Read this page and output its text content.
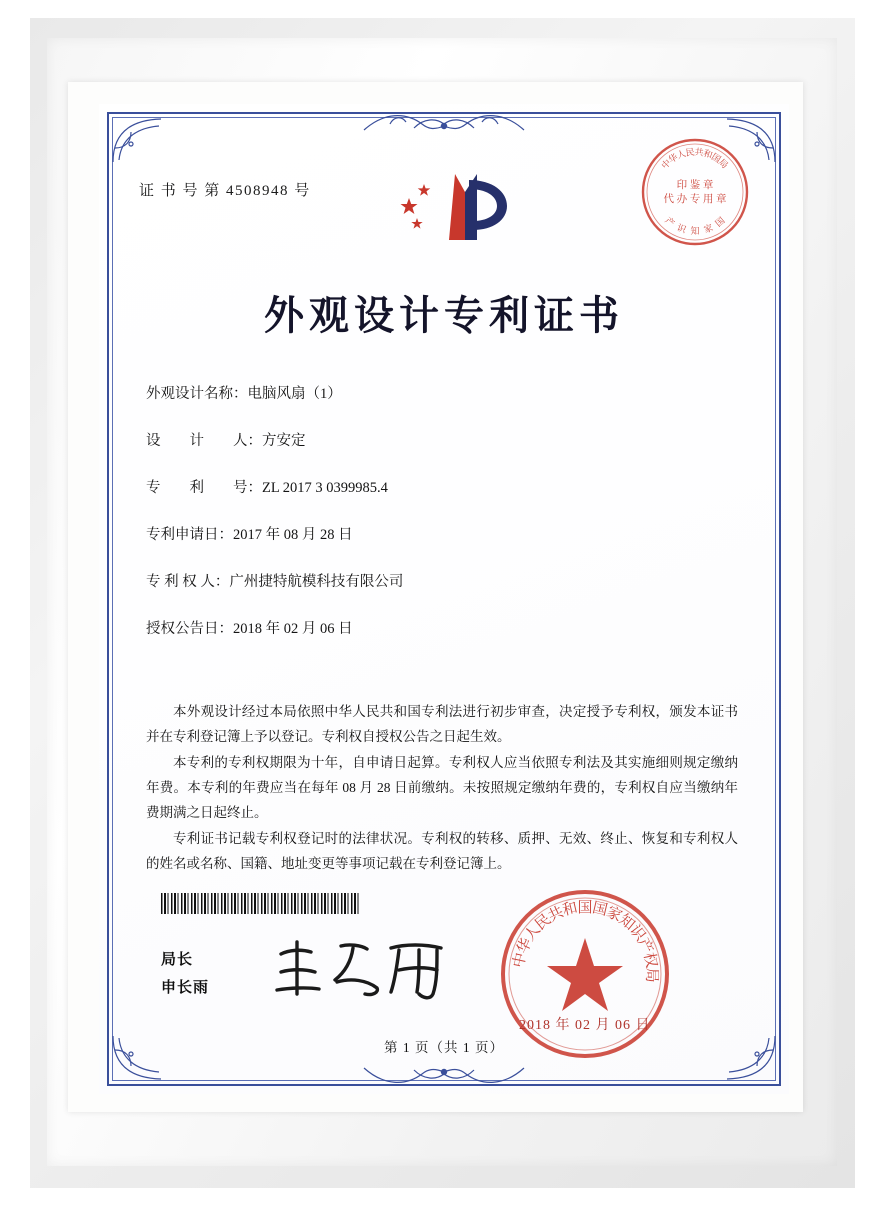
证 书 号 第 4508948 号
中
华
人
民
共
和
国
局
国
家
知
识
产
印 鉴 章
代 办 专 用 章
外观设计专利证书
外观设计名称： 电脑风扇（1）
设　　计　　人： 方安定
专　　利　　号： ZL 2017 3 0399985.4
专利申请日： 2017 年 08 月 28 日
专 利 权 人： 广州捷特航模科技有限公司
授权公告日： 2018 年 02 月 06 日

本外观设计经过本局依照中华人民共和国专利法进行初步审查，决定授予专利权，颁发本证书并在专利登记簿上予以登记。专利权自授权公告之日起生效。

本专利的专利权期限为十年，自申请日起算。专利权人应当依照专利法及其实施细则规定缴纳年费。本专利的年费应当在每年 08 月 28 日前缴纳。未按照规定缴纳年费的，专利权自应当缴纳年费期满之日起终止。

专利证书记载专利权登记时的法律状况。专利权的转移、质押、无效、终止、恢复和专利权人的姓名或名称、国籍、地址变更等事项记载在专利登记簿上。

局长
申长雨
中
华
人
民
共
和
国
国
家
知
识
产
权
局
2018 年 02 月 06 日
第 1 页（共 1 页）
